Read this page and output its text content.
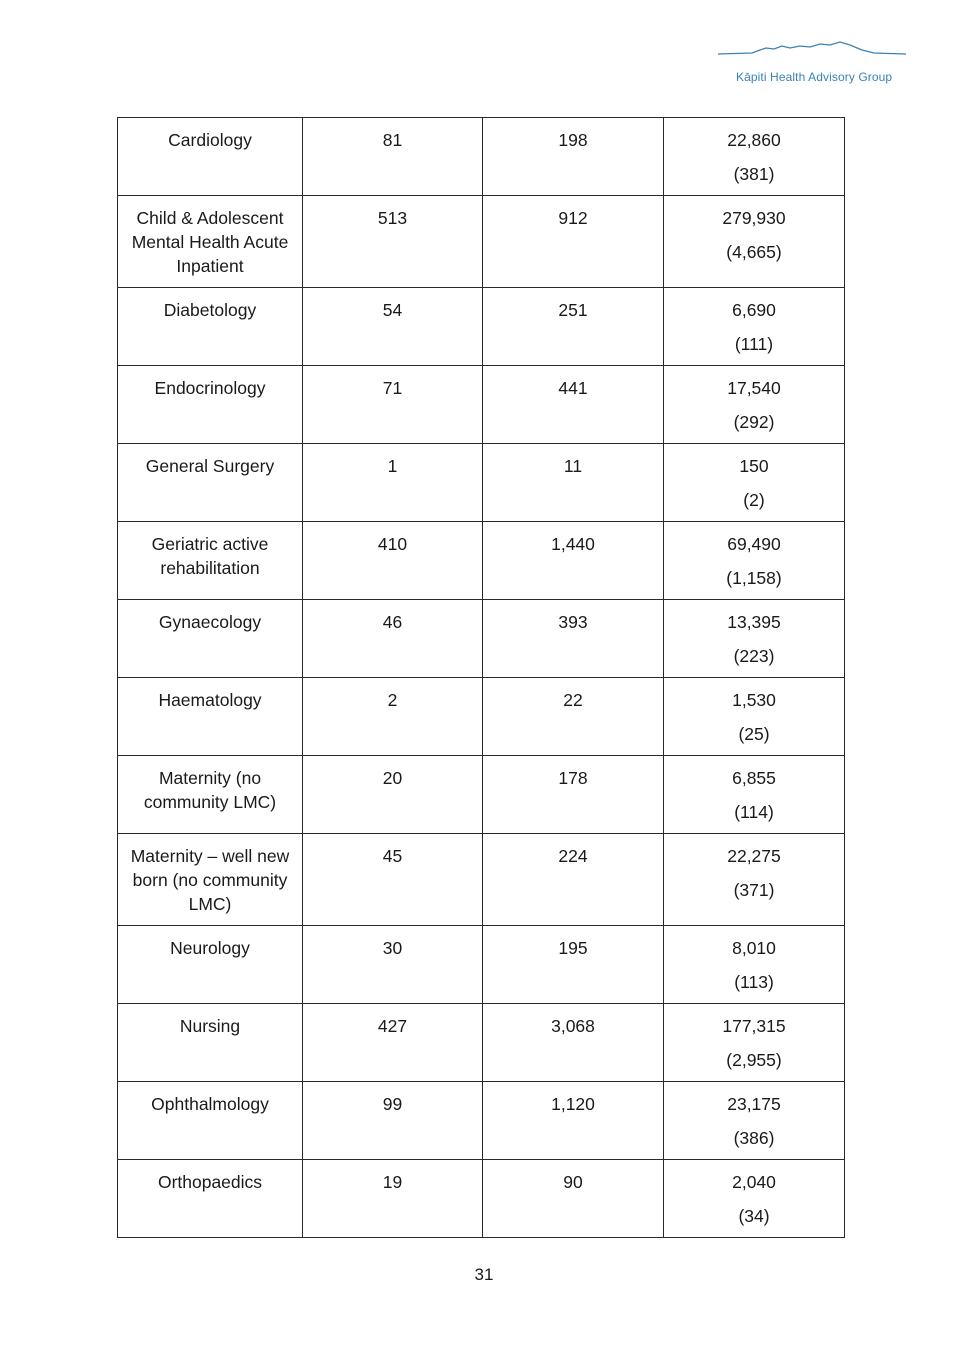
Kāpiti Health Advisory Group
Cardiology	81	198	22,860
(381)

Child & Adolescent Mental Health Acute Inpatient	513	912	279,930
(4,665)

Diabetology	54	251	6,690
(111)

Endocrinology	71	441	17,540
(292)

General Surgery	1	11	150
(2)

Geriatric active rehabilitation	410	1,440	69,490
(1,158)

Gynaecology	46	393	13,395
(223)

Haematology	2	22	1,530
(25)

Maternity (no community LMC)	20	178	6,855
(114)

Maternity – well new born (no community LMC)	45	224	22,275
(371)

Neurology	30	195	8,010
(113)

Nursing	427	3,068	177,315
(2,955)

Ophthalmology	99	1,120	23,175
(386)

Orthopaedics	19	90	2,040
(34)
31
